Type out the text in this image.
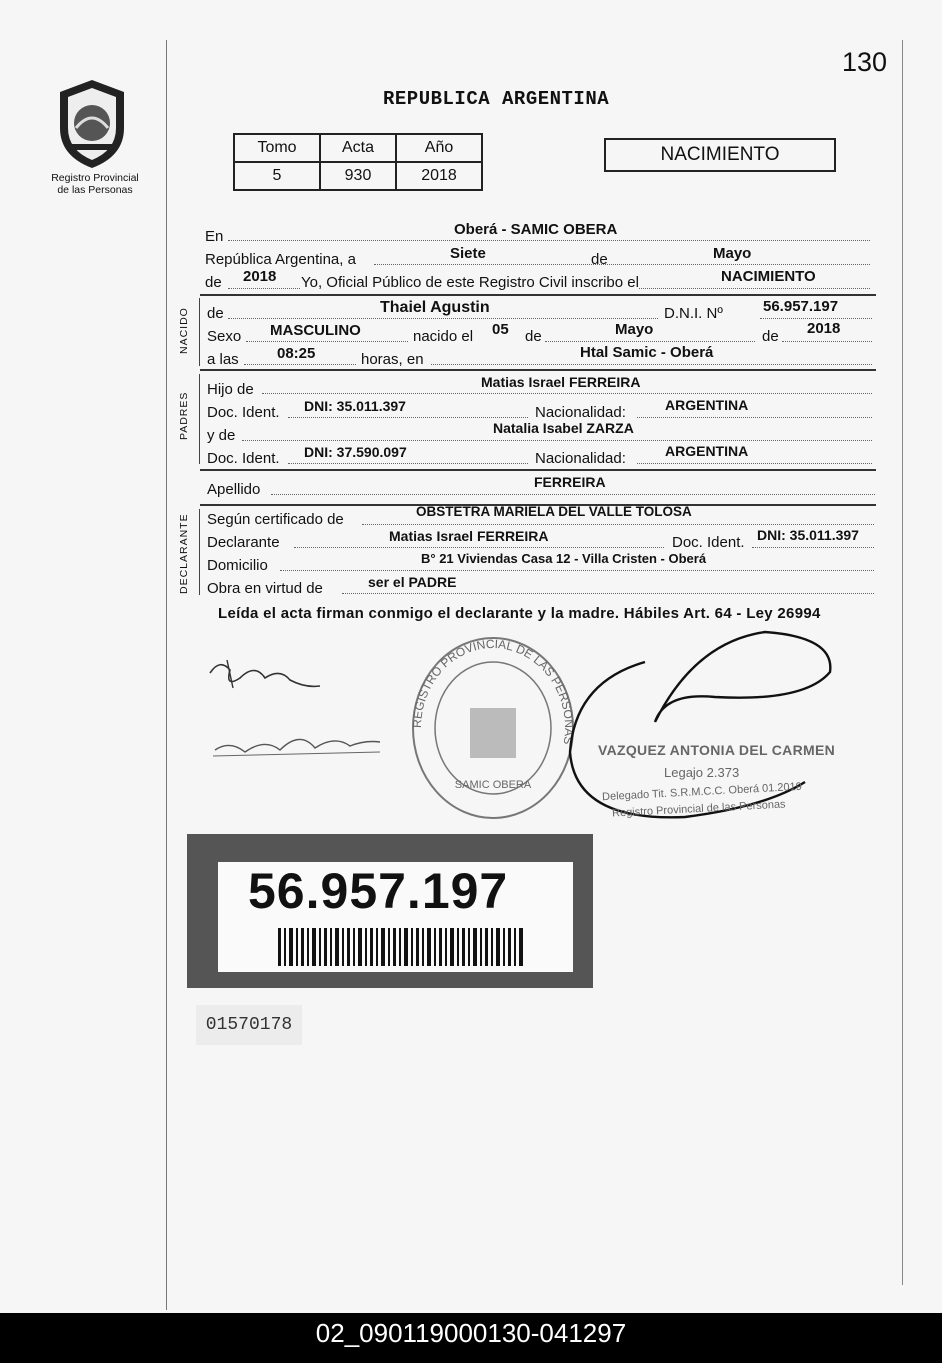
130
Registro Provincial
de las Personas
REPUBLICA ARGENTINA
Tomo	Acta	Año
5	930	2018
NACIMIENTO
En	Oberá - SAMIC OBERA
República Argentina, a	Siete	de	Mayo
de 2018 Yo, Oficial Público de este Registro Civil inscribo el	NACIMIENTO
NACIDO de	Thaiel Agustin	D.N.I. Nº	56.957.197
Sexo MASCULINO	nacido el 05 de	Mayo	de 2018
a las	08:25	horas, en	Htal Samic - Oberá
PADRES
Hijo de	Matias Israel FERREIRA
Doc. Ident. DNI: 35.011.397	Nacionalidad:	ARGENTINA
y de	Natalia Isabel ZARZA
Doc. Ident. DNI: 37.590.097	Nacionalidad:	ARGENTINA
Apellido	FERREIRA
DECLARANTE Según certificado de	OBSTETRA MARIELA DEL VALLE TOLOSA
Declarante	Matias Israel FERREIRA	Doc. Ident. DNI: 35.011.397
Domicilio	B° 21 Viviendas Casa 12 - Villa Cristen - Oberá
Obra en virtud de	ser el PADRE
Leída el acta firman conmigo el declarante y la madre. Hábiles Art. 64 - Ley 26994
REGISTRO PROVINCIAL DE LAS PERSONAS
SAMIC OBERA
VAZQUEZ ANTONIA DEL CARMEN
Legajo 2.373
Delegado Tit. S.R.M.C.C. Oberá 01.2019
Registro Provincial de las Personas
56.957.197
01570178
02_090119000130-041297
